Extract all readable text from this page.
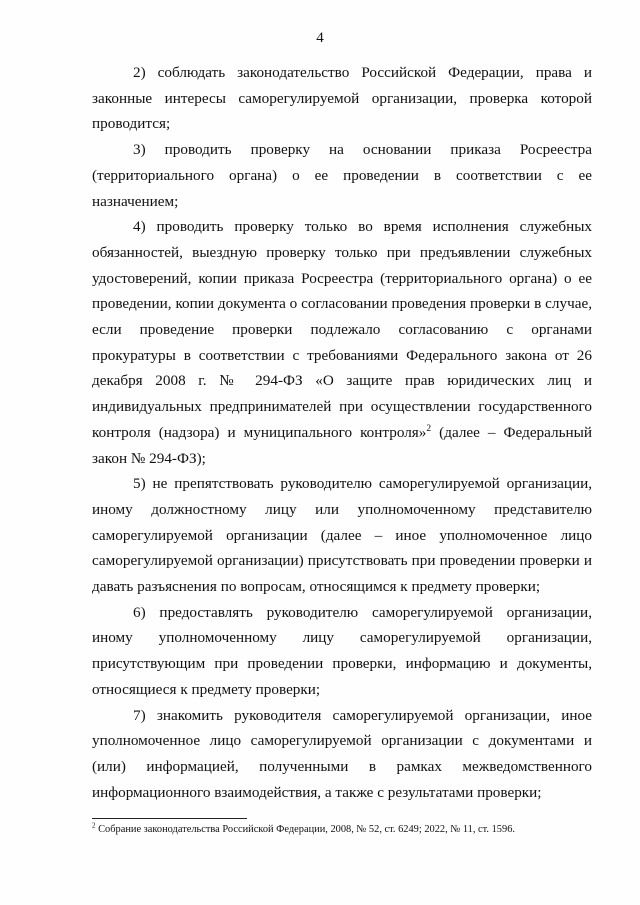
4

2) соблюдать законодательство Российской Федерации, права и законные интересы саморегулируемой организации, проверка которой проводится;

3) проводить проверку на основании приказа Росреестра (территориального органа) о ее проведении в соответствии с ее назначением;

4) проводить проверку только во время исполнения служебных обязанностей, выездную проверку только при предъявлении служебных удостоверений, копии приказа Росреестра (территориального органа) о ее проведении, копии документа о согласовании проведения проверки в случае, если проведение проверки подлежало согласованию с органами прокуратуры в соответствии с требованиями Федерального закона от 26 декабря 2008 г. № 294-ФЗ «О защите прав юридических лиц и индивидуальных предпринимателей при осуществлении государственного контроля (надзора) и муниципального контроля»$^2$ (далее – Федеральный закон № 294-ФЗ);

5) не препятствовать руководителю саморегулируемой организации, иному должностному лицу или уполномоченному представителю саморегулируемой организации (далее – иное уполномоченное лицо саморегулируемой организации) присутствовать при проведении проверки и давать разъяснения по вопросам, относящимся к предмету проверки;

6) предоставлять руководителю саморегулируемой организации, иному уполномоченному лицу саморегулируемой организации, присутствующим при проведении проверки, информацию и документы, относящиеся к предмету проверки;

7) знакомить руководителя саморегулируемой организации, иное уполномоченное лицо саморегулируемой организации с документами и (или) информацией, полученными в рамках межведомственного информационного взаимодействия, а также с результатами проверки;

$^2$ Собрание законодательства Российской Федерации, 2008, № 52, ст. 6249; 2022, № 11, ст. 1596.
